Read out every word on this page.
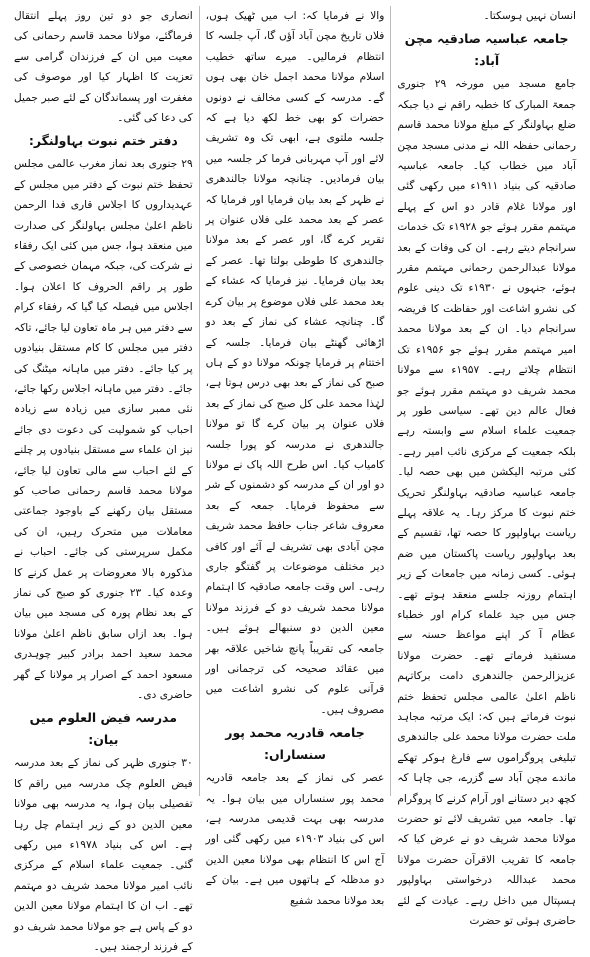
انسان نہیں ہوسکتا۔

جامعہ عباسیہ صادقیہ مچن آباد:

جامع مسجد میں مورخہ ۲۹ جنوری جمعۃ المبارک کا خطبہ راقم نے دیا جبکہ ضلع بہاولنگر کے مبلغ مولانا محمد قاسم رحمانی حفظہ اللہ نے مدنی مسجد مچن آباد میں خطاب کیا۔ جامعہ عباسیہ صادقیہ کی بنیاد ۱۹۱۱ء میں رکھی گئی اور مولانا غلام قادر دو اس کے پہلے مہتمم مقرر ہوئے جو ۱۹۲۸ء تک خدمات سرانجام دیتے رہے۔ ان کی وفات کے بعد مولانا عبدالرحمن رحمانی مہتمم مقرر ہوئے، جنہوں نے ۱۹۳۰ء تک دینی علوم کی نشرو اشاعت اور حفاظت کا فریضہ سرانجام دیا۔ ان کے بعد مولانا محمد امیر مہتمم مقرر ہوئے جو ۱۹۵۶ء تک انتظام چلاتے رہے۔ ۱۹۵۷ء سے مولانا محمد شریف دو مہتمم مقرر ہوئے جو فعال عالم دین تھے۔ سیاسی طور پر جمعیت علماء اسلام سے وابستہ رہے بلکہ جمعیت کے مرکزی نائب امیر رہے۔ کئی مرتبہ الیکشن میں بھی حصہ لیا۔ جامعہ عباسیہ صادقیہ بہاولنگر تحریک ختم نبوت کا مرکز رہا۔ یہ علاقہ پہلے ریاست بہاولپور کا حصہ تھا، تقسیم کے بعد بہاولپور ریاست پاکستان میں ضم ہوئی۔ کسی زمانہ میں جامعات کے زیر اہتمام روزنہ جلسے منعقد ہوتے تھے۔ جس میں جید علماء کرام اور خطباء عظام آ کر اپنے مواعظ حسنہ سے مستفید فرماتے تھے۔ حضرت مولانا عزیزالرحمن جالندھری دامت برکاتہم ناظم اعلیٰ عالمی مجلس تحفظ ختم نبوت فرماتے ہیں کہ: ایک مرتبہ مجاہد ملت حضرت مولانا محمد علی جالندھری تبلیغی پروگراموں سے فارغ ہوکر تھکے ماندے مچن آباد سے گزرے، جی چاہا کہ کچھ دیر دستانے اور آرام کرنے کا پروگرام تھا۔ جامعہ میں تشریف لائے تو حضرت مولانا محمد شریف دو نے عرض کیا کہ جامعہ کا تقریب الاقرآن حضرت مولانا محمد عبداللہ درخواستی بہاولپور ہسپتال میں داخل رہے۔ عیادت کے لئے حاضری ہوئی تو حضرت

والا نے فرمایا کہ: اب میں ٹھیک ہوں، فلاں تاریخ مچن آباد آؤں گا، آپ جلسہ کا انتظام فرمالیں۔ میرے ساتھ خطیب اسلام مولانا محمد اجمل خان بھی ہوں گے۔ مدرسہ کے کسی مخالف نے دونوں حضرات کو بھی خط لکھ دیا ہے کہ جلسہ ملتوی ہے، ابھی تک وہ تشریف لائے اور آپ مہربانی فرما کر جلسہ میں بیان فرمادیں۔ چنانچہ مولانا جالندھری نے ظہر کے بعد بیان فرمایا اور فرمایا کہ عصر کے بعد محمد علی فلاں عنوان پر تقریر کرے گا، اور عصر کے بعد مولانا جالندھری کا طوطی بولتا تھا۔ عصر کے بعد بیان فرمایا۔ نیز فرمایا کہ عشاء کے بعد محمد علی فلاں موضوع پر بیان کرے گا۔ چنانچہ عشاء کی نماز کے بعد دو اڑھائی گھنٹے بیان فرمایا۔ جلسہ کے اختتام پر فرمایا چونکہ مولانا دو کے ہاں صبح کی نماز کے بعد بھی درس ہوتا ہے، لہٰذا محمد علی کل صبح کی نماز کے بعد فلاں عنوان پر بیان کرے گا تو مولانا جالندھری نے مدرسہ کو پورا جلسہ کامیاب کیا۔ اس طرح اللہ پاک نے مولانا دو اور ان کے مدرسہ کو دشمنوں کے شر سے محفوظ فرمایا۔ جمعہ کے بعد معروف شاعر جناب حافظ محمد شریف مچن آبادی بھی تشریف لے آئے اور کافی دیر مختلف موضوعات پر گفتگو جاری رہی۔ اس وقت جامعہ صادقیہ کا اہتمام مولانا محمد شریف دو کے فرزند مولانا معین الدین دو سنبھالے ہوئے ہیں۔ جامعہ کی تقریباً پانچ شاخیں علاقہ بھر میں عقائد صحیحہ کی ترجمانی اور قرآنی علوم کی نشرو اشاعت میں مصروف ہیں۔

جامعہ قادریہ محمد پور سنساراں:

عصر کی نماز کے بعد جامعہ قادریہ محمد پور سنساراں میں بیان ہوا۔ یہ مدرسہ بھی بہت قدیمی مدرسہ ہے، اس کی بنیاد ۱۹۰۳ء میں رکھی گئی اور آج اس کا انتظام بھی مولانا معین الدین دو مدظلہ کے ہاتھوں میں ہے۔ بیان کے بعد مولانا محمد شفیع

انصاری جو دو تین روز پہلے انتقال فرماگئے، مولانا محمد قاسم رحمانی کی معیت میں ان کے فرزندان گرامی سے تعزیت کا اظہار کیا اور موصوف کی مغفرت اور پسماندگان کے لئے صبر جمیل کی دعا کی گئی۔

دفتر ختم نبوت بہاولنگر:

۲۹ جنوری بعد نماز مغرب عالمی مجلس تحفظ ختم نبوت کے دفتر میں مجلس کے عہدیداروں کا اجلاس قاری فدا الرحمن ناظم اعلیٰ مجلس بہاولنگر کی صدارت میں منعقد ہوا، جس میں کئی ایک رفقاء نے شرکت کی، جبکہ مہمان خصوصی کے طور پر راقم الحروف کا اعلان ہوا۔ اجلاس میں فیصلہ کیا گیا کہ رفقاء کرام سے دفتر میں ہر ماہ تعاون لیا جائے، تاکہ دفتر میں مجلس کا کام مستقل بنیادوں پر کیا جائے۔ دفتر میں ماہانہ میٹنگ کی جائے۔ دفتر میں ماہانہ اجلاس رکھا جائے، نئی ممبر سازی میں زیادہ سے زیادہ احباب کو شمولیت کی دعوت دی جائے نیز ان علماء سے مستقل بنیادوں پر چلنے کے لئے احباب سے مالی تعاون لیا جائے، مولانا محمد قاسم رحمانی صاحب کو مستقل بیان رکھنے کے باوجود جماعتی معاملات میں متحرک رہیں، ان کی مکمل سرپرستی کی جائے۔ احباب نے مذکورہ بالا معروضات پر عمل کرنے کا وعدہ کیا۔ ۲۳ جنوری کو صبح کی نماز کے بعد نظام پورہ کی مسجد میں بیان ہوا۔ بعد ازاں سابق ناظم اعلیٰ مولانا محمد سعید احمد برادر کبیر چوہدری مسعود احمد کے اصرار پر مولانا کے گھر حاضری دی۔

مدرسہ فیض العلوم میں بیان:

۳۰ جنوری ظہر کی نماز کے بعد مدرسہ فیض العلوم چک مدرسہ میں راقم کا تفصیلی بیان ہوا، یہ مدرسہ بھی مولانا معین الدین دو کے زیر اہتمام چل رہا ہے۔ اس کی بنیاد ۱۹۷۸ء میں رکھی گئی۔ جمعیت علماء اسلام کے مرکزی نائب امیر مولانا محمد شریف دو مہتمم تھے۔ اب ان کا اہتمام مولانا معین الدین دو کے پاس ہے جو مولانا محمد شریف دو کے فرزند ارجمند ہیں۔
